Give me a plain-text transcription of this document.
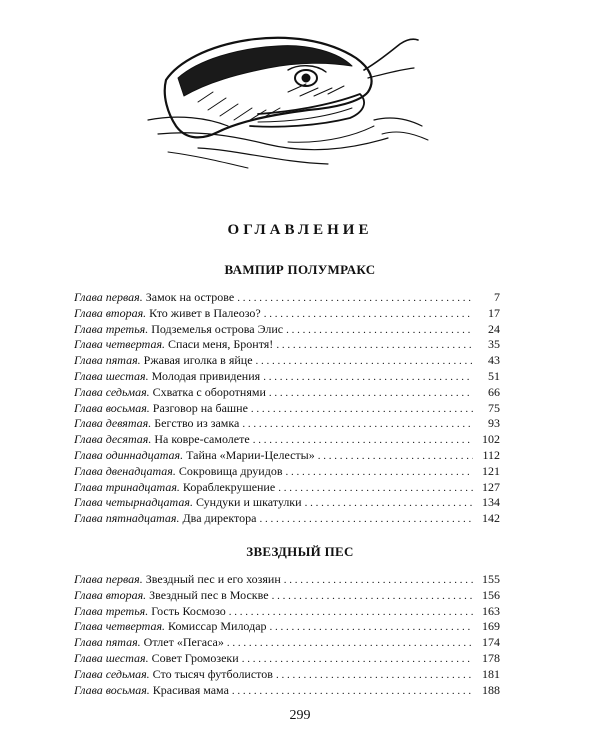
ОГЛАВЛЕНИЕ
ВАМПИР ПОЛУМРАКС
Глава первая. Замок на острове . . .	7
Глава вторая. Кто живет в Палеозо? . . .	17
Глава третья. Подземелья острова Элис . . .	24
Глава четвертая. Спаси меня, Бронтя! . . .	35
Глава пятая. Ржавая иголка в яйце . . .	43
Глава шестая. Молодая привидения . . .	51
Глава седьмая. Схватка с оборотнями . . .	66
Глава восьмая. Разговор на башне . . .	75
Глава девятая. Бегство из замка . . .	93
Глава десятая. На ковре-самолете . . .	102
Глава одиннадцатая. Тайна «Марии-Целесты» . . .	112
Глава двенадцатая. Сокровища друидов . . .	121
Глава тринадцатая. Кораблекрушение . . .	127
Глава четырнадцатая. Сундуки и шкатулки . . .	134
Глава пятнадцатая. Два директора . . .	142
ЗВЕЗДНЫЙ ПЕС
Глава первая. Звездный пес и его хозяин . . .	155
Глава вторая. Звездный пес в Москве . . .	156
Глава третья. Гость Космозо . . .	163
Глава четвертая. Комиссар Милодар . . .	169
Глава пятая. Отлет «Пегаса» . . .	174
Глава шестая. Совет Громозеки . . .	178
Глава седьмая. Сто тысяч футболистов . . .	181
Глава восьмая. Красивая мама . . .	188
299
